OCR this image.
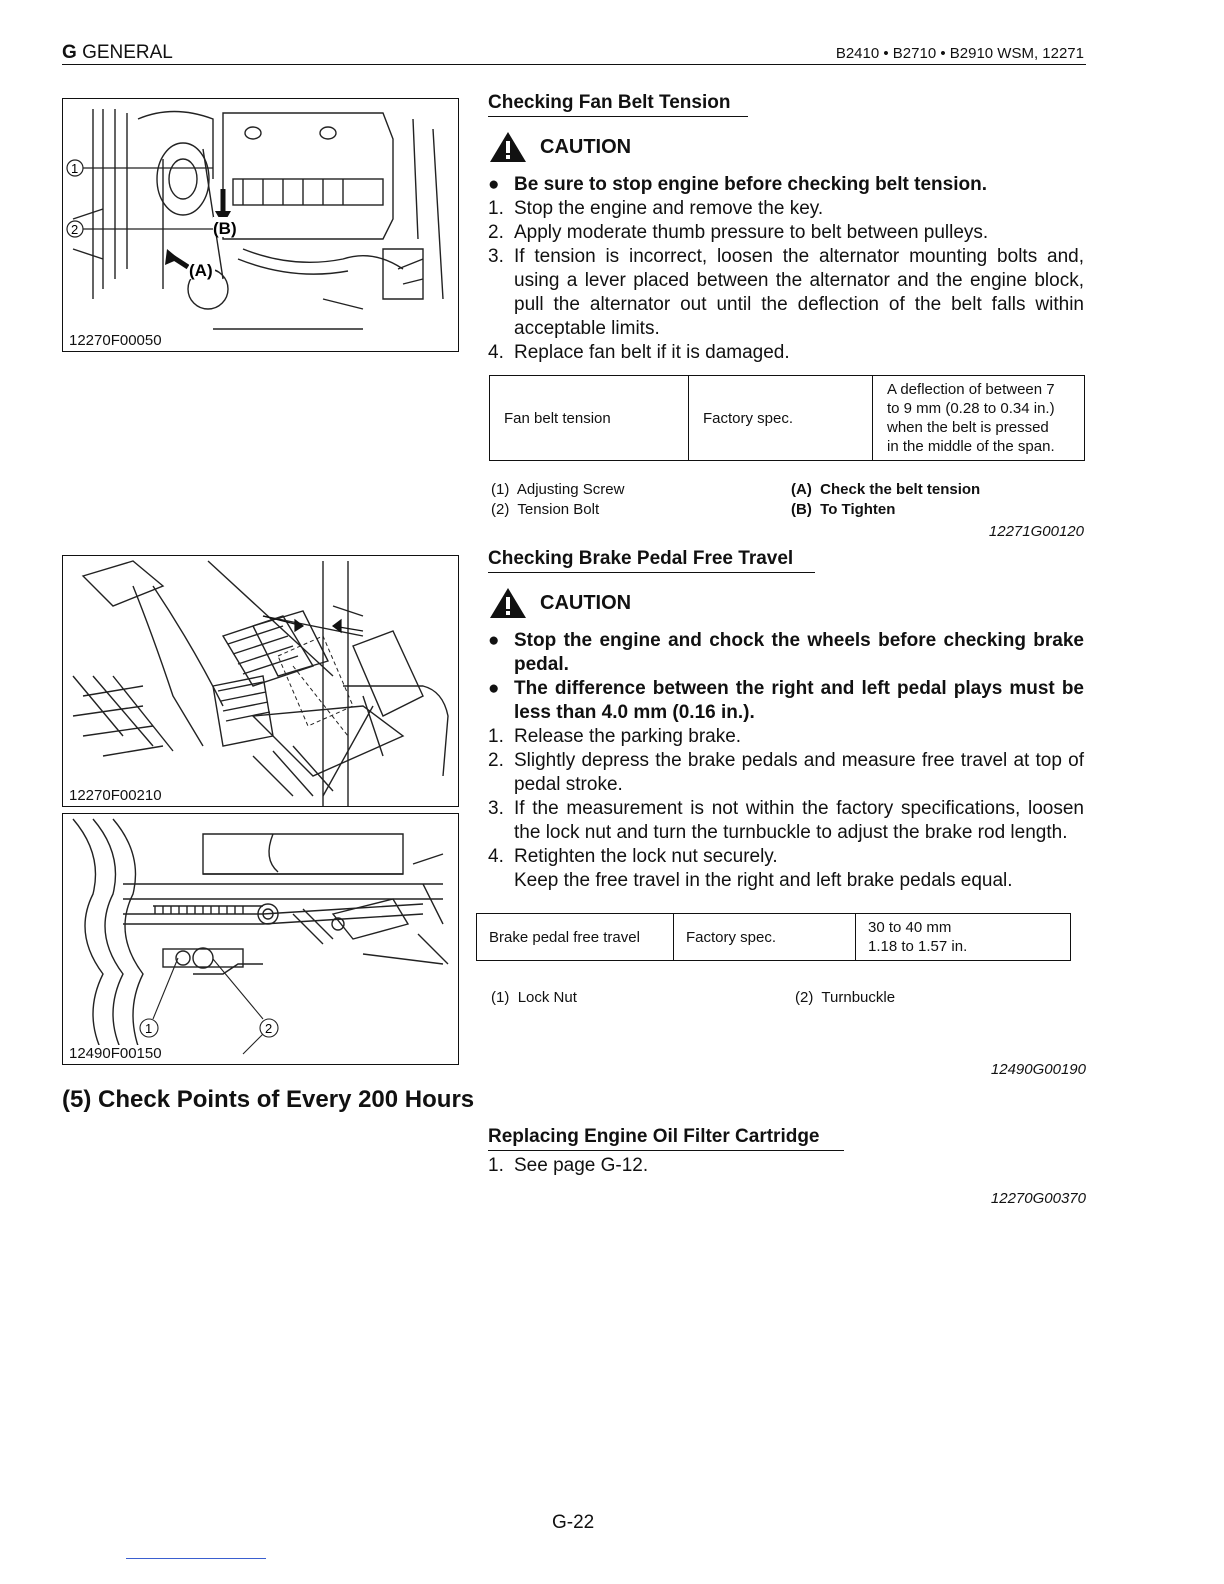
G GENERAL	B2410 • B2710 • B2910 WSM, 12271
1
2	(B)
(A)
12270F00050
12270F00210
1	2
12490F00150
Checking Fan Belt Tension
CAUTION
● Be sure to stop engine before checking belt tension.
1. Stop the engine and remove the key.
2. Apply moderate thumb pressure to belt between pulleys.
3. If tension is incorrect, loosen the alternator mounting bolts and, using a lever placed between the alternator and the engine block, pull the alternator out until the deflection of the belt falls within acceptable limits.
4. Replace fan belt if it is damaged.
Fan belt tension	Factory spec.	
A deflection of between 7
to 9 mm (0.28 to 0.34 in.)
when the belt is pressed
in the middle of the span.
(1) Adjusting Screw
(2) Tension Bolt
(A) Check the belt tension
(B) To Tighten
12271G00120
Checking Brake Pedal Free Travel
CAUTION
● Stop the engine and chock the wheels before checking brake pedal.
● The difference between the right and left pedal plays must be less than 4.0 mm (0.16 in.).
1. Release the parking brake.
2. Slightly depress the brake pedals and measure free travel at top of pedal stroke.
3. If the measurement is not within the factory specifications, loosen the lock nut and turn the turnbuckle to adjust the brake rod length.
4. Retighten the lock nut securely.
Keep the free travel in the right and left brake pedals equal.
Brake pedal free travel	Factory spec.	
30 to 40 mm
1.18 to 1.57 in.
(1) Lock Nut	(2) Turnbuckle
12490G00190
(5) Check Points of Every 200 Hours
Replacing Engine Oil Filter Cartridge
1. See page G-12.
12270G00370
G-22
